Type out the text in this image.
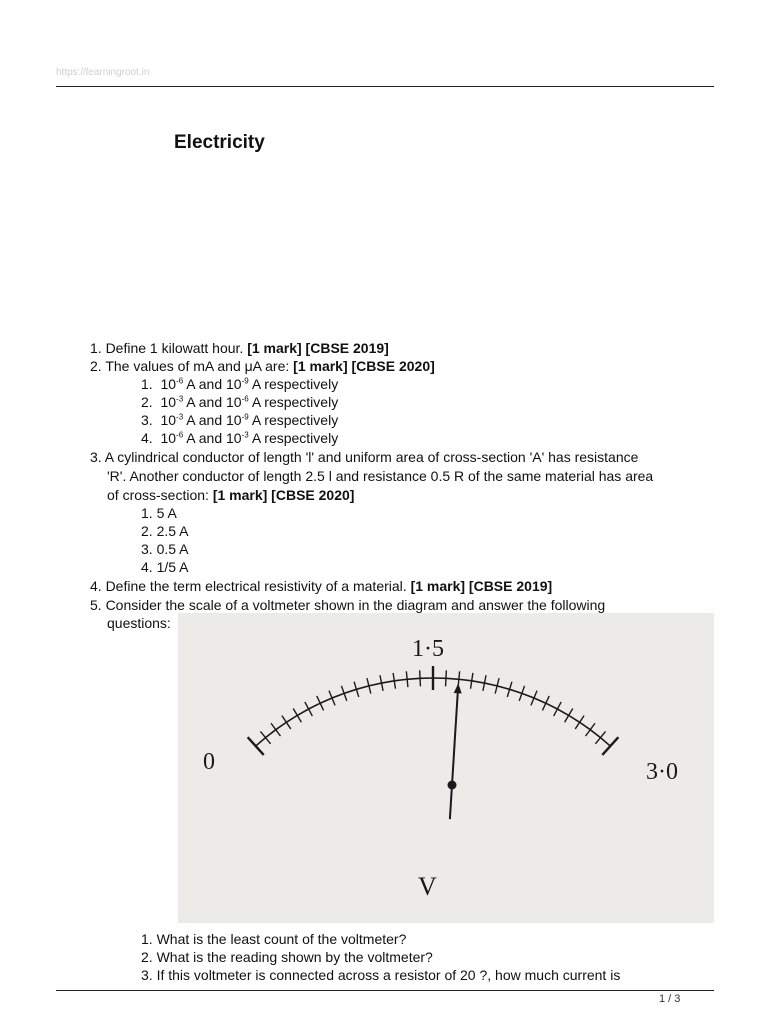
https://learningroot.in
Electricity
1. Define 1 kilowatt hour. [1 mark] [CBSE 2019]
2. The values of mA and μA are: [1 mark] [CBSE 2020]
1. $10^{-6}$ A and $10^{-9}$ A respectively
2. $10^{-3}$ A and $10^{-6}$ A respectively
3. $10^{-3}$ A and $10^{-9}$ A respectively
4. $10^{-6}$ A and $10^{-3}$ A respectively
3. A cylindrical conductor of length 'l' and uniform area of cross-section 'A' has resistance
'R'. Another conductor of length 2.5 l and resistance 0.5 R of the same material has area
of cross-section: [1 mark] [CBSE 2020]
1. 5 A
2. 2.5 A
3. 0.5 A
4. 1/5 A
4. Define the term electrical resistivity of a material. [1 mark] [CBSE 2019]
5. Consider the scale of a voltmeter shown in the diagram and answer the following
questions:
0
1·5
3·0
V
1. What is the least count of the voltmeter?
2. What is the reading shown by the voltmeter?
3. If this voltmeter is connected across a resistor of 20 ?, how much current is
1 / 3
